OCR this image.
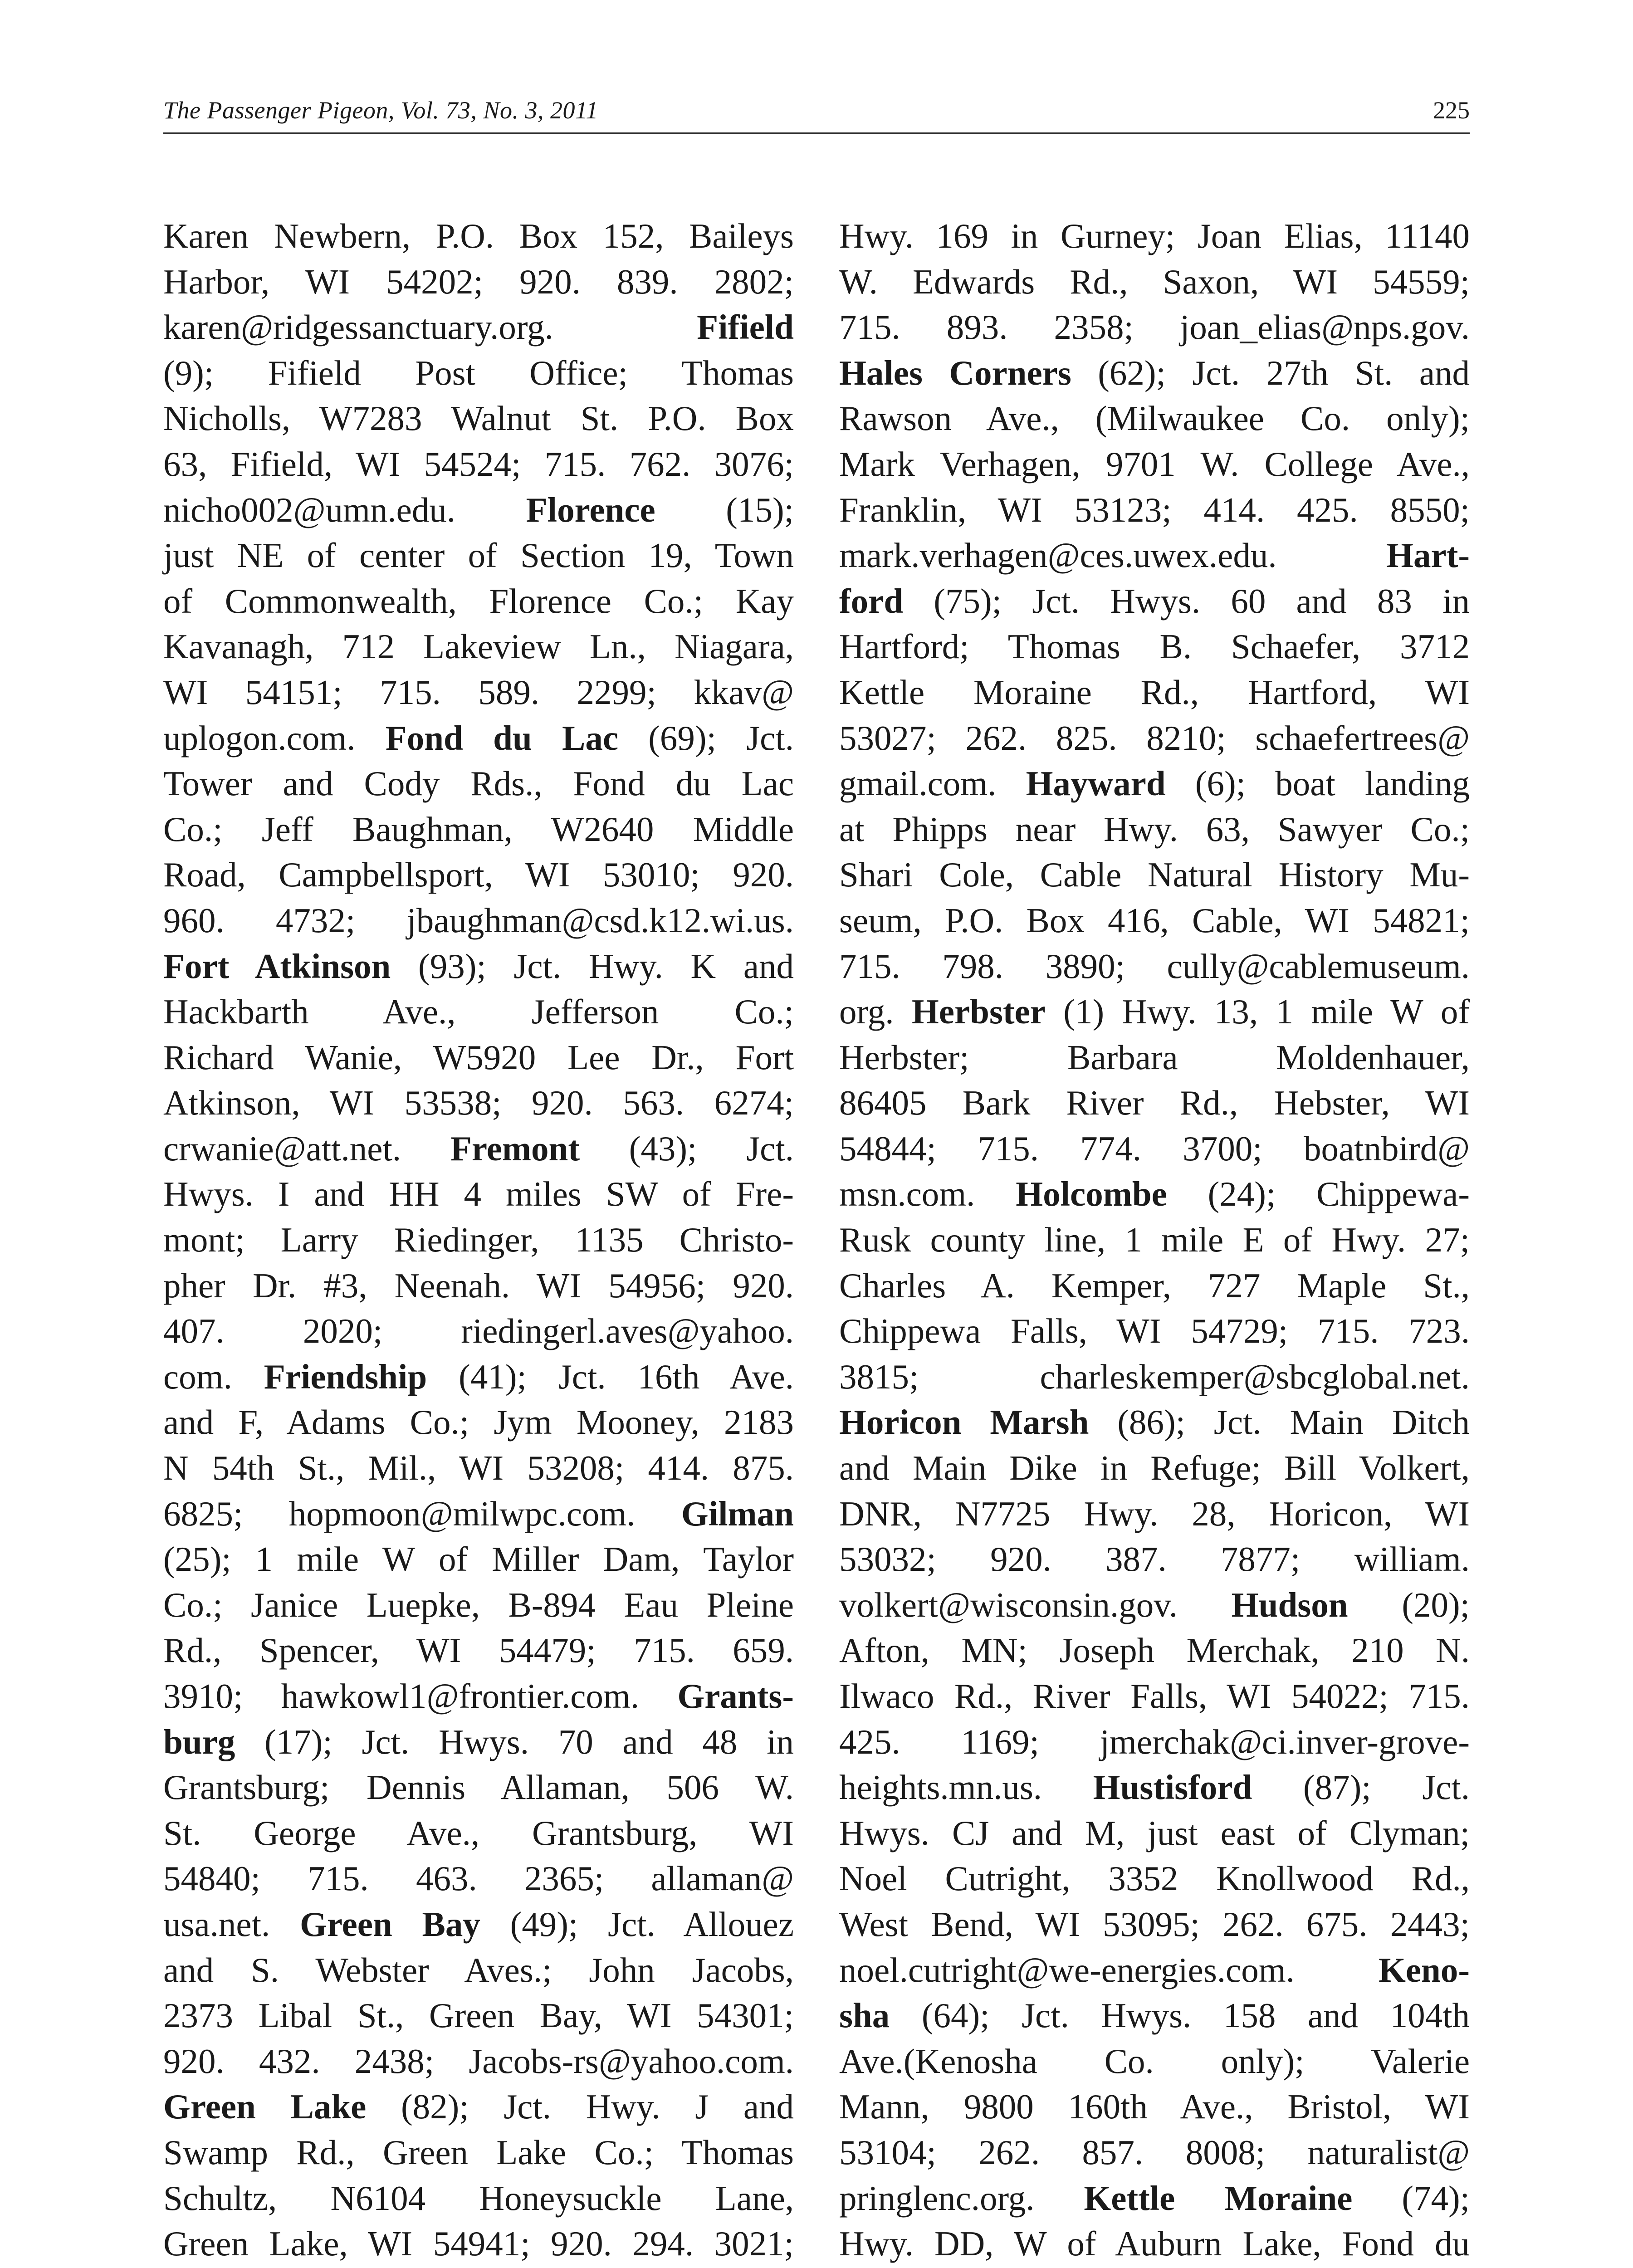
The Passenger Pigeon, Vol. 73, No. 3, 2011	225
Karen Newbern, P.O. Box 152, Baileys
Harbor, WI 54202; 920. 839. 2802;
karen@ridgessanctuary.org. Fifield
(9); Fifield Post Office; Thomas
Nicholls, W7283 Walnut St. P.O. Box
63, Fifield, WI 54524; 715. 762. 3076;
nicho002@umn.edu. Florence (15);
just NE of center of Section 19, Town
of Commonwealth, Florence Co.; Kay
Kavanagh, 712 Lakeview Ln., Niagara,
WI 54151; 715. 589. 2299; kkav@
uplogon.com. Fond du Lac (69); Jct.
Tower and Cody Rds., Fond du Lac
Co.; Jeff Baughman, W2640 Middle
Road, Campbellsport, WI 53010; 920.
960. 4732; jbaughman@csd.k12.wi.us.
Fort Atkinson (93); Jct. Hwy. K and
Hackbarth Ave., Jefferson Co.;
Richard Wanie, W5920 Lee Dr., Fort
Atkinson, WI 53538; 920. 563. 6274;
crwanie@att.net. Fremont (43); Jct.
Hwys. I and HH 4 miles SW of Fre-
mont; Larry Riedinger, 1135 Christo-
pher Dr. #3, Neenah. WI 54956; 920.
407. 2020; riedingerl.aves@yahoo.
com. Friendship (41); Jct. 16th Ave.
and F, Adams Co.; Jym Mooney, 2183
N 54th St., Mil., WI 53208; 414. 875.
6825; hopmoon@milwpc.com. Gilman
(25); 1 mile W of Miller Dam, Taylor
Co.; Janice Luepke, B-894 Eau Pleine
Rd., Spencer, WI 54479; 715. 659.
3910; hawkowl1@frontier.com. Grants-
burg (17); Jct. Hwys. 70 and 48 in
Grantsburg; Dennis Allaman, 506 W.
St. George Ave., Grantsburg, WI
54840; 715. 463. 2365; allaman@
usa.net. Green Bay (49); Jct. Allouez
and S. Webster Aves.; John Jacobs,
2373 Libal St., Green Bay, WI 54301;
920. 432. 2438; Jacobs-rs@yahoo.com.
Green Lake (82); Jct. Hwy. J and
Swamp Rd., Green Lake Co.; Thomas
Schultz, N6104 Honeysuckle Lane,
Green Lake, WI 54941; 920. 294. 3021;
Hwy. 169 in Gurney; Joan Elias, 11140
W. Edwards Rd., Saxon, WI 54559;
715. 893. 2358; joan_elias@nps.gov.
Hales Corners (62); Jct. 27th St. and
Rawson Ave., (Milwaukee Co. only);
Mark Verhagen, 9701 W. College Ave.,
Franklin, WI 53123; 414. 425. 8550;
mark.verhagen@ces.uwex.edu. Hart-
ford (75); Jct. Hwys. 60 and 83 in
Hartford; Thomas B. Schaefer, 3712
Kettle Moraine Rd., Hartford, WI
53027; 262. 825. 8210; schaefertrees@
gmail.com. Hayward (6); boat landing
at Phipps near Hwy. 63, Sawyer Co.;
Shari Cole, Cable Natural History Mu-
seum, P.O. Box 416, Cable, WI 54821;
715. 798. 3890; cully@cablemuseum.
org. Herbster (1) Hwy. 13, 1 mile W of
Herbster; Barbara Moldenhauer,
86405 Bark River Rd., Hebster, WI
54844; 715. 774. 3700; boatnbird@
msn.com. Holcombe (24); Chippewa-
Rusk county line, 1 mile E of Hwy. 27;
Charles A. Kemper, 727 Maple St.,
Chippewa Falls, WI 54729; 715. 723.
3815; charleskemper@sbcglobal.net.
Horicon Marsh (86); Jct. Main Ditch
and Main Dike in Refuge; Bill Volkert,
DNR, N7725 Hwy. 28, Horicon, WI
53032; 920. 387. 7877; william.
volkert@wisconsin.gov. Hudson (20);
Afton, MN; Joseph Merchak, 210 N.
Ilwaco Rd., River Falls, WI 54022; 715.
425. 1169; jmerchak@ci.inver-grove-
heights.mn.us. Hustisford (87); Jct.
Hwys. CJ and M, just east of Clyman;
Noel Cutright, 3352 Knollwood Rd.,
West Bend, WI 53095; 262. 675. 2443;
noel.cutright@we-energies.com. Keno-
sha (64); Jct. Hwys. 158 and 104th
Ave.(Kenosha Co. only); Valerie
Mann, 9800 160th Ave., Bristol, WI
53104; 262. 857. 8008; naturalist@
pringlenc.org. Kettle Moraine (74);
Hwy. DD, W of Auburn Lake, Fond du
